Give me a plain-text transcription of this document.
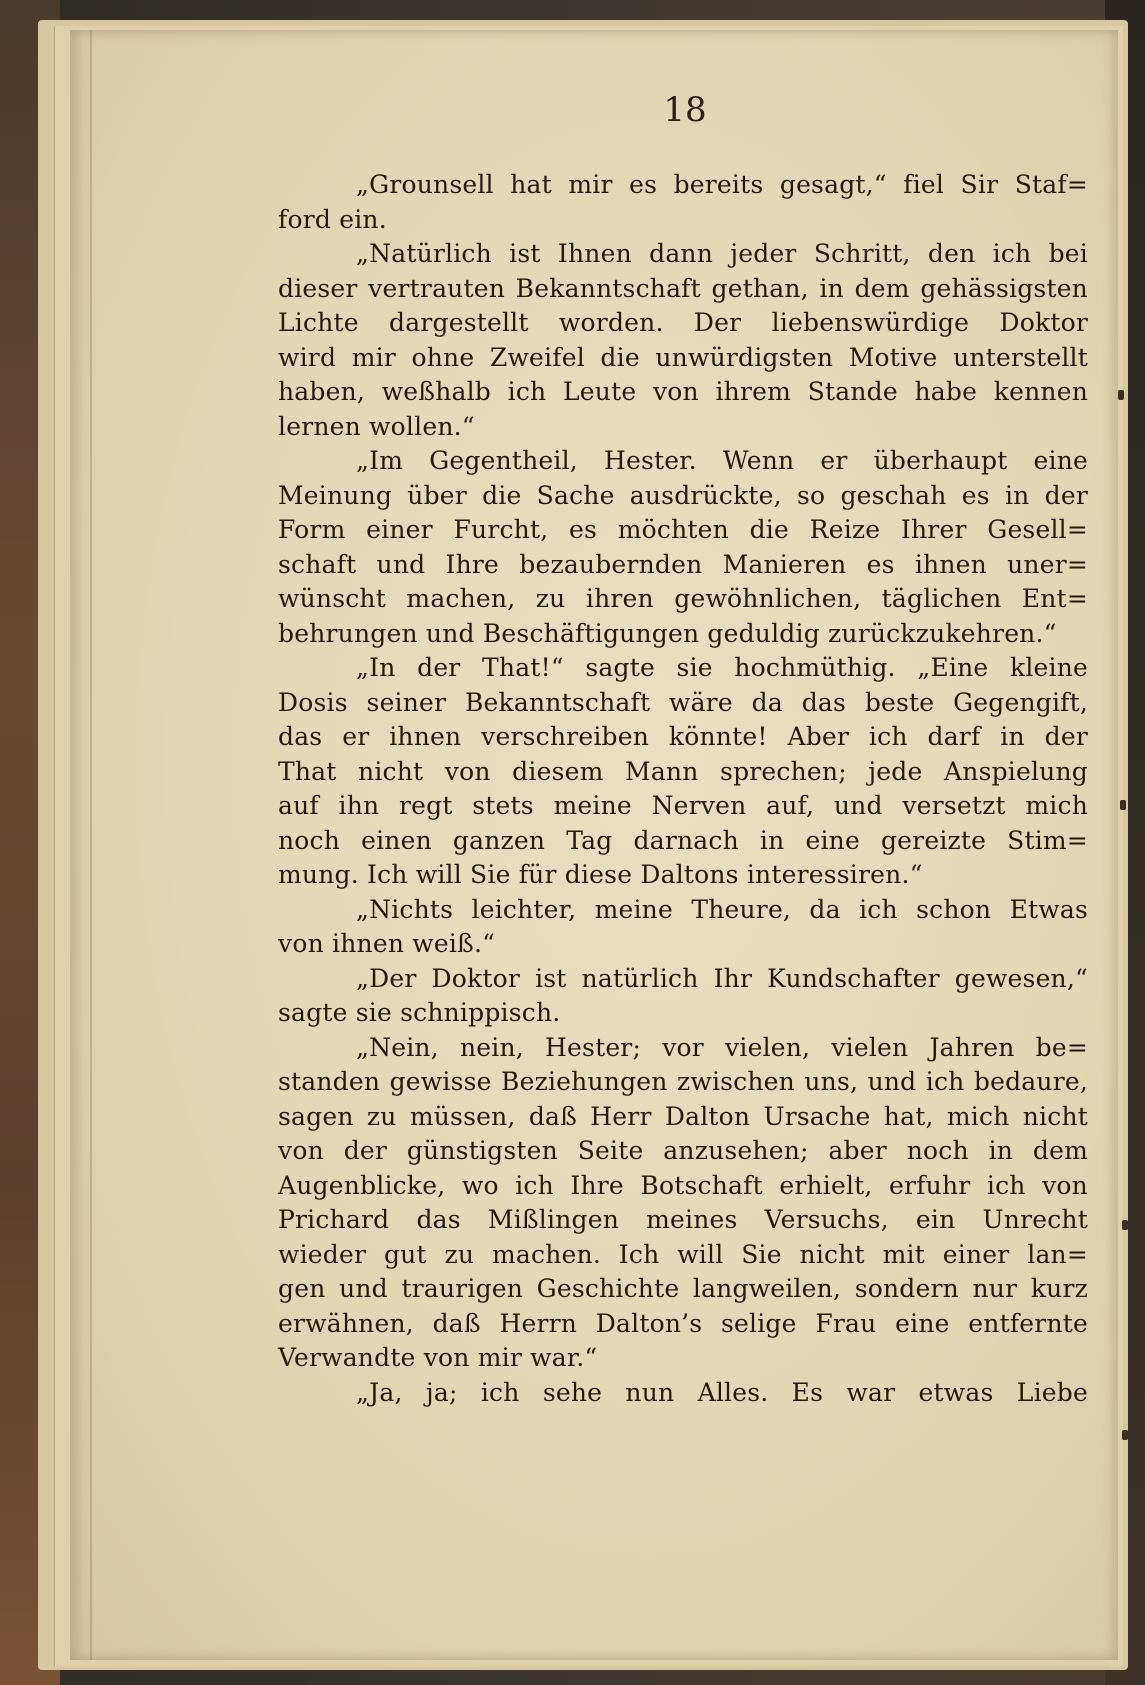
18
„Grounsell hat mir es bereits gesagt,“ fiel Sir Staf=
ford ein.
„Natürlich ist Ihnen dann jeder Schritt, den ich bei
dieser vertrauten Bekanntschaft gethan, in dem gehässigsten
Lichte dargestellt worden. Der liebenswürdige Doktor
wird mir ohne Zweifel die unwürdigsten Motive unterstellt
haben, weßhalb ich Leute von ihrem Stande habe kennen
lernen wollen.“
„Im Gegentheil, Hester. Wenn er überhaupt eine
Meinung über die Sache ausdrückte, so geschah es in der
Form einer Furcht, es möchten die Reize Ihrer Gesell=
schaft und Ihre bezaubernden Manieren es ihnen uner=
wünscht machen, zu ihren gewöhnlichen, täglichen Ent=
behrungen und Beschäftigungen geduldig zurückzukehren.“
„In der That!“ sagte sie hochmüthig. „Eine kleine
Dosis seiner Bekanntschaft wäre da das beste Gegengift,
das er ihnen verschreiben könnte! Aber ich darf in der
That nicht von diesem Mann sprechen; jede Anspielung
auf ihn regt stets meine Nerven auf, und versetzt mich
noch einen ganzen Tag darnach in eine gereizte Stim=
mung. Ich will Sie für diese Daltons interessiren.“
„Nichts leichter, meine Theure, da ich schon Etwas
von ihnen weiß.“
„Der Doktor ist natürlich Ihr Kundschafter gewesen,“
sagte sie schnippisch.
„Nein, nein, Hester; vor vielen, vielen Jahren be=
standen gewisse Beziehungen zwischen uns, und ich bedaure,
sagen zu müssen, daß Herr Dalton Ursache hat, mich nicht
von der günstigsten Seite anzusehen; aber noch in dem
Augenblicke, wo ich Ihre Botschaft erhielt, erfuhr ich von
Prichard das Mißlingen meines Versuchs, ein Unrecht
wieder gut zu machen. Ich will Sie nicht mit einer lan=
gen und traurigen Geschichte langweilen, sondern nur kurz
erwähnen, daß Herrn Dalton’s selige Frau eine entfernte
Verwandte von mir war.“
„Ja, ja; ich sehe nun Alles. Es war etwas Liebe
